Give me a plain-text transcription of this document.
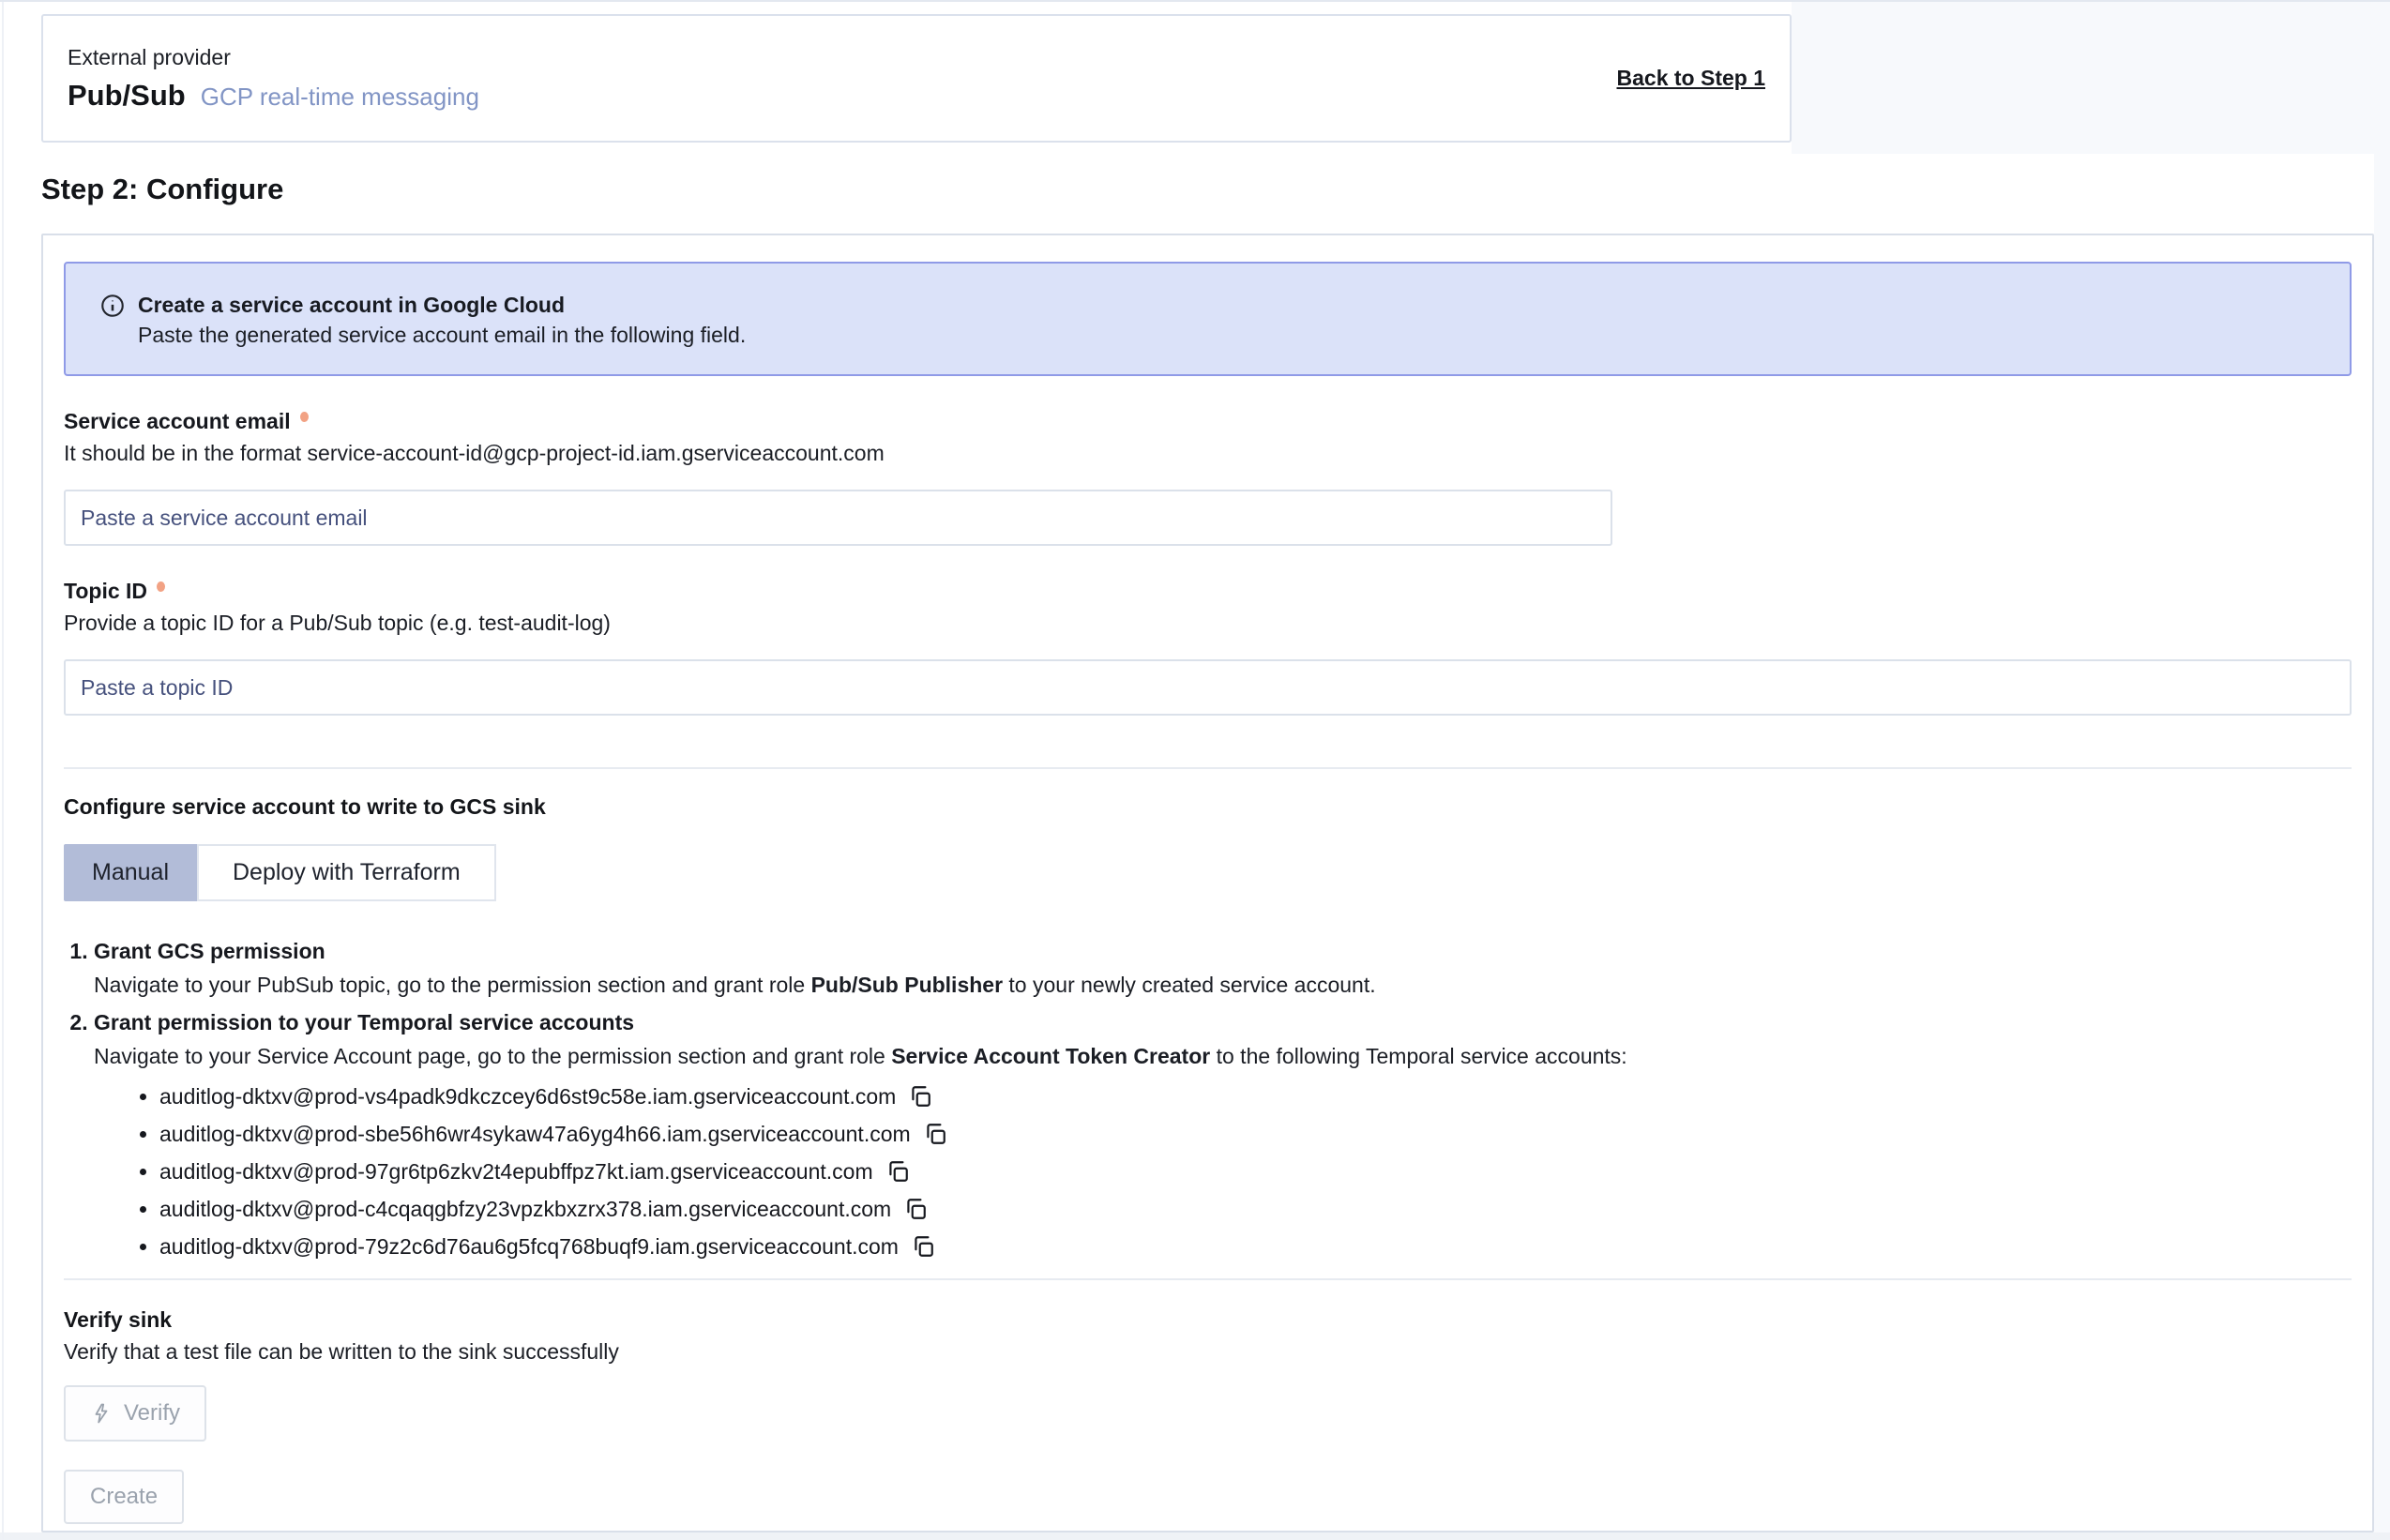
External provider
Pub/Sub GCP real-time messaging
Back to Step 1
Step 2: Configure
Create a service account in Google Cloud
Paste the generated service account email in the following field.
Service account email
It should be in the format service-account-id@gcp-project-id.iam.gserviceaccount.com
Paste a service account email
Topic ID
Provide a topic ID for a Pub/Sub topic (e.g. test-audit-log)
Paste a topic ID
Configure service account to write to GCS sink
Manual	Deploy with Terraform
1. Grant GCS permission
Navigate to your PubSub topic, go to the permission section and grant role Pub/Sub Publisher to your newly created service account.
2. Grant permission to your Temporal service accounts
Navigate to your Service Account page, go to the permission section and grant role Service Account Token Creator to the following Temporal service accounts:
• auditlog-dktxv@prod-vs4padk9dkczcey6d6st9c58e.iam.gserviceaccount.com
• auditlog-dktxv@prod-sbe56h6wr4sykaw47a6yg4h66.iam.gserviceaccount.com
• auditlog-dktxv@prod-97gr6tp6zkv2t4epubffpz7kt.iam.gserviceaccount.com
• auditlog-dktxv@prod-c4cqaqgbfzy23vpzkbxzrx378.iam.gserviceaccount.com
• auditlog-dktxv@prod-79z2c6d76au6g5fcq768buqf9.iam.gserviceaccount.com
Verify sink
Verify that a test file can be written to the sink successfully
Verify
Create
